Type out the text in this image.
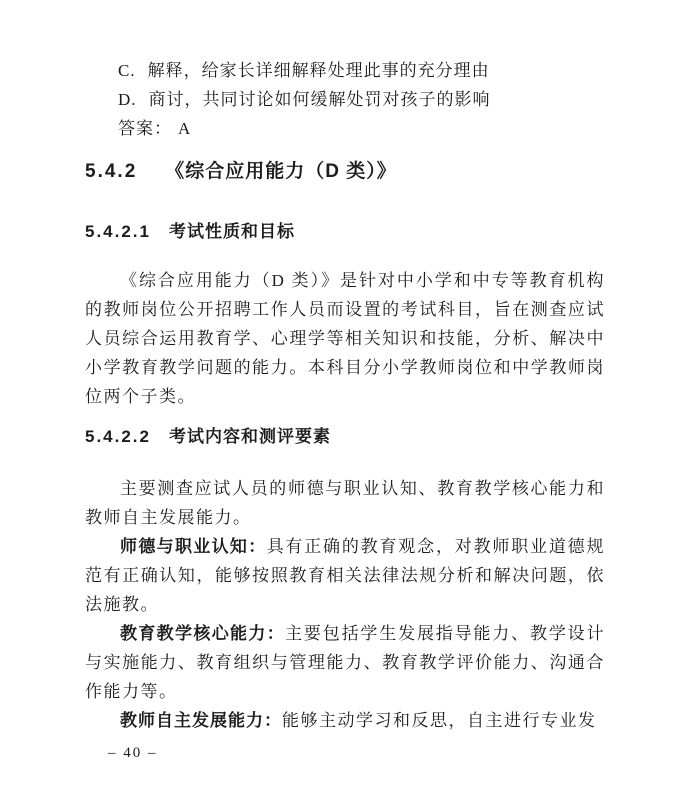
C. 解释，给家长详细解释处理此事的充分理由
D. 商讨，共同讨论如何缓解处罚对孩子的影响
答案： A
5.4.2 《综合应用能力（D 类）》
5.4.2.1 考试性质和目标

《综合应用能力（D 类）》是针对中小学和中专等教育机构的教师岗位公开招聘工作人员而设置的考试科目，旨在测查应试人员综合运用教育学、心理学等相关知识和技能，分析、解决中小学教育教学问题的能力。本科目分小学教师岗位和中学教师岗位两个子类。

5.4.2.2 考试内容和测评要素

主要测查应试人员的师德与职业认知、教育教学核心能力和教师自主发展能力。

师德与职业认知：具有正确的教育观念，对教师职业道德规范有正确认知，能够按照教育相关法律法规分析和解决问题，依法施教。

教育教学核心能力：主要包括学生发展指导能力、教学设计与实施能力、教育组织与管理能力、教育教学评价能力、沟通合作能力等。

教师自主发展能力：能够主动学习和反思，自主进行专业发

– 40 –
